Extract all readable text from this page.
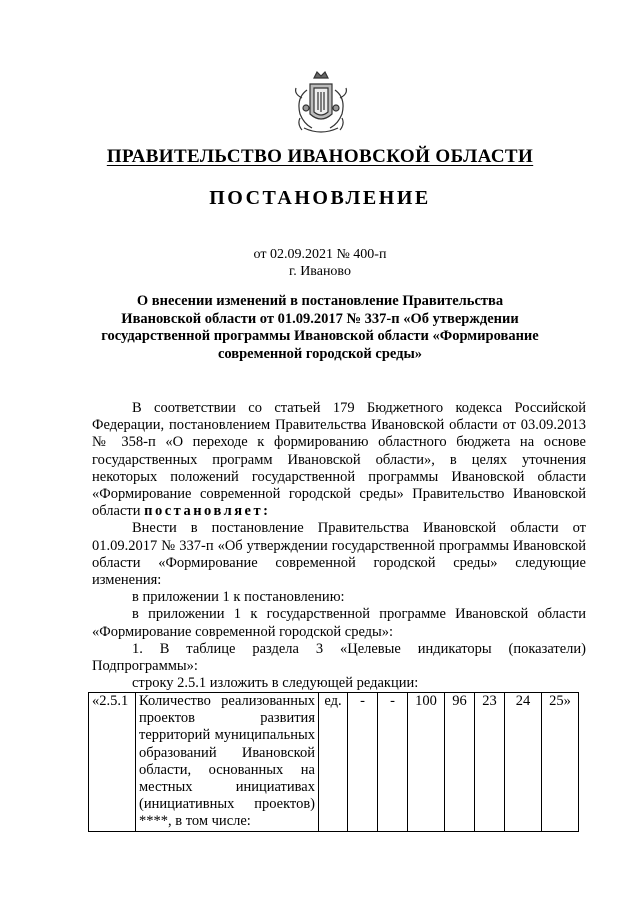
ПРАВИТЕЛЬСТВО ИВАНОВСКОЙ ОБЛАСТИ
ПОСТАНОВЛЕНИЕ
от 02.09.2021 № 400-п
г. Иваново
О внесении изменений в постановление Правительства
Ивановской области от 01.09.2017 № 337-п «Об утверждении
государственной программы Ивановской области «Формирование
современной городской среды»

В соответствии со статьей 179 Бюджетного кодекса Российской Федерации, постановлением Правительства Ивановской области от 03.09.2013 № 358-п «О переходе к формированию областного бюджета на основе государственных программ Ивановской области», в целях уточнения некоторых положений государственной программы Ивановской области «Формирование современной городской среды» Правительство Ивановской области постановляет:

Внести в постановление Правительства Ивановской области от 01.09.2017 № 337-п «Об утверждении государственной программы Ивановской области «Формирование современной городской среды» следующие изменения:

в приложении 1 к постановлению:

в приложении 1 к государственной программе Ивановской области «Формирование современной городской среды»:

1. В таблице раздела 3 «Целевые индикаторы (показатели) Подпрограммы»:

строку 2.5.1 изложить в следующей редакции:

«2.5.1	Количество реализованных проектов развития территорий муниципальных образований Ивановской области, основанных на местных инициативах (инициативных проектов) ****, в том числе:	ед.	-	-	100	96	23	24	25»
